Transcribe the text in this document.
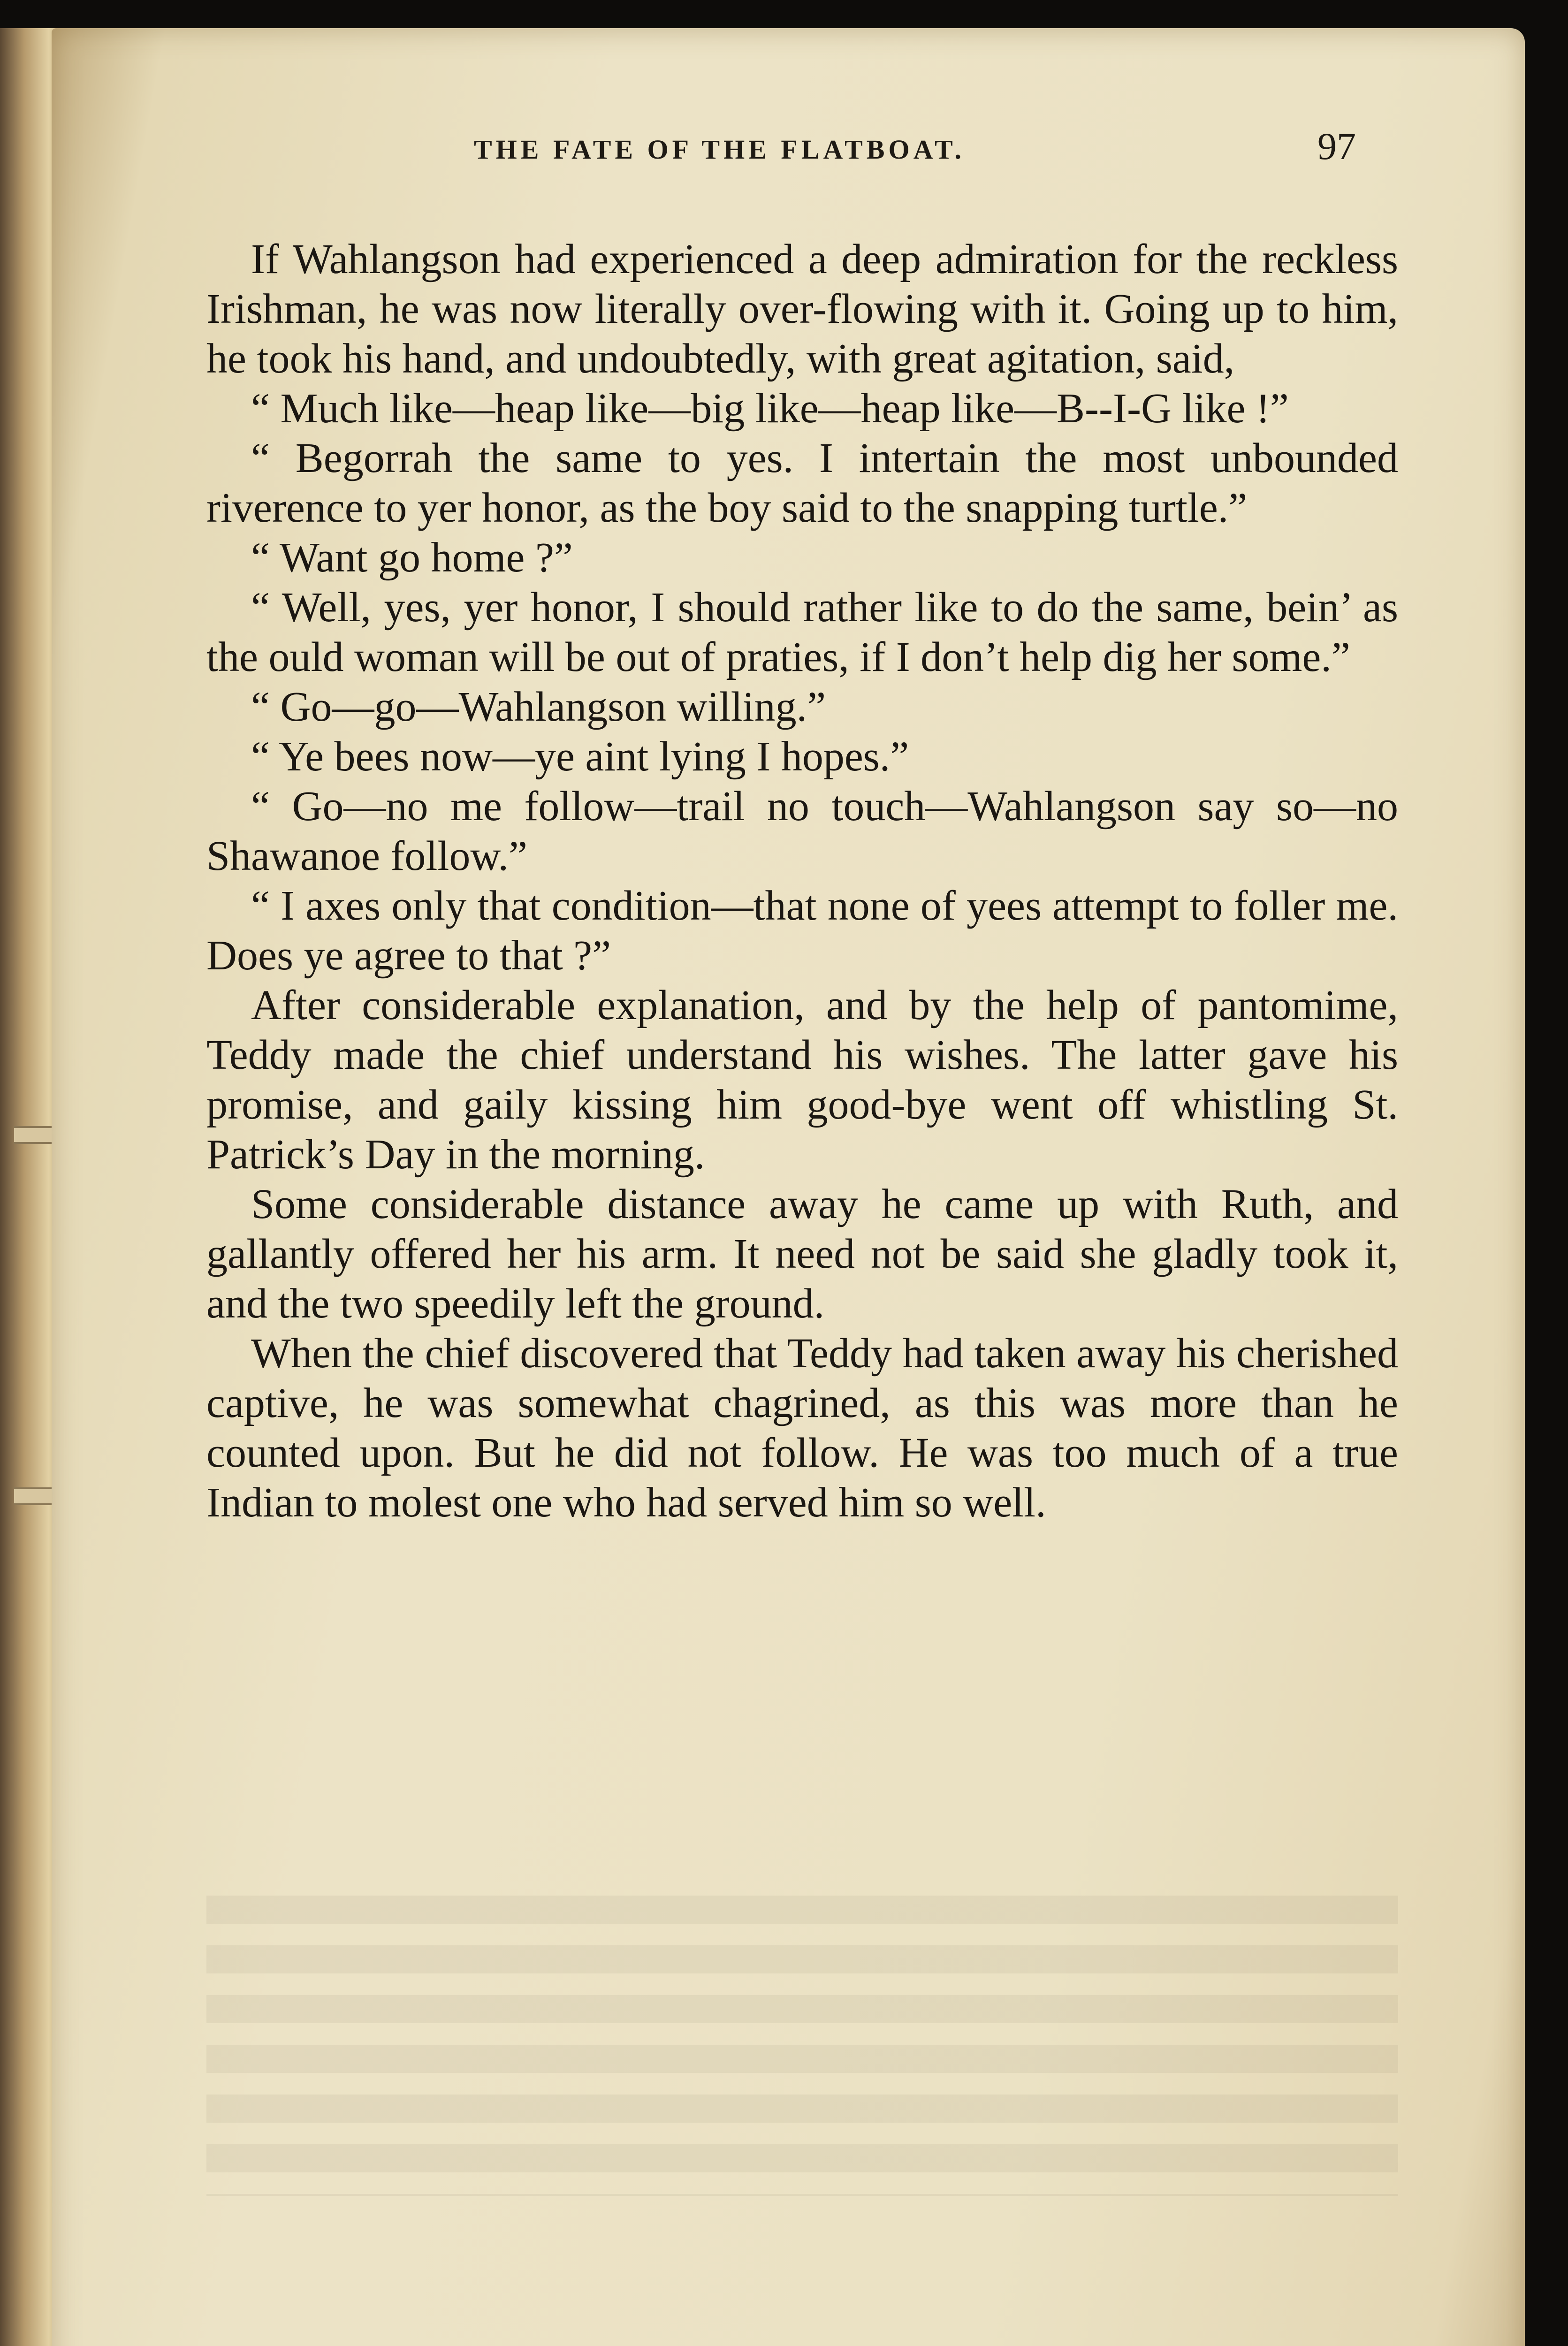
THE FATE OF THE FLATBOAT.	97

If Wahlangson had experienced a deep admiration for the reckless Irishman, he was now literally over-flowing with it. Going up to him, he took his hand, and undoubtedly, with great agitation, said,

“ Much like—heap like—big like—heap like—B--I-G like !”

“ Begorrah the same to yes. I intertain the most unbounded riverence to yer honor, as the boy said to the snapping turtle.”

“ Want go home ?”

“ Well, yes, yer honor, I should rather like to do the same, bein’ as the ould woman will be out of praties, if I don’t help dig her some.”

“ Go—go—Wahlangson willing.”

“ Ye bees now—ye aint lying I hopes.”

“ Go—no me follow—trail no touch—Wahlangson say so—no Shawanoe follow.”

“ I axes only that condition—that none of yees attempt to foller me. Does ye agree to that ?”

After considerable explanation, and by the help of pantomime, Teddy made the chief understand his wishes. The latter gave his promise, and gaily kissing him good-bye went off whistling St. Patrick’s Day in the morning.

Some considerable distance away he came up with Ruth, and gallantly offered her his arm. It need not be said she gladly took it, and the two speedily left the ground.

When the chief discovered that Teddy had taken away his cherished captive, he was somewhat chagrined, as this was more than he counted upon. But he did not follow. He was too much of a true Indian to molest one who had served him so well.
